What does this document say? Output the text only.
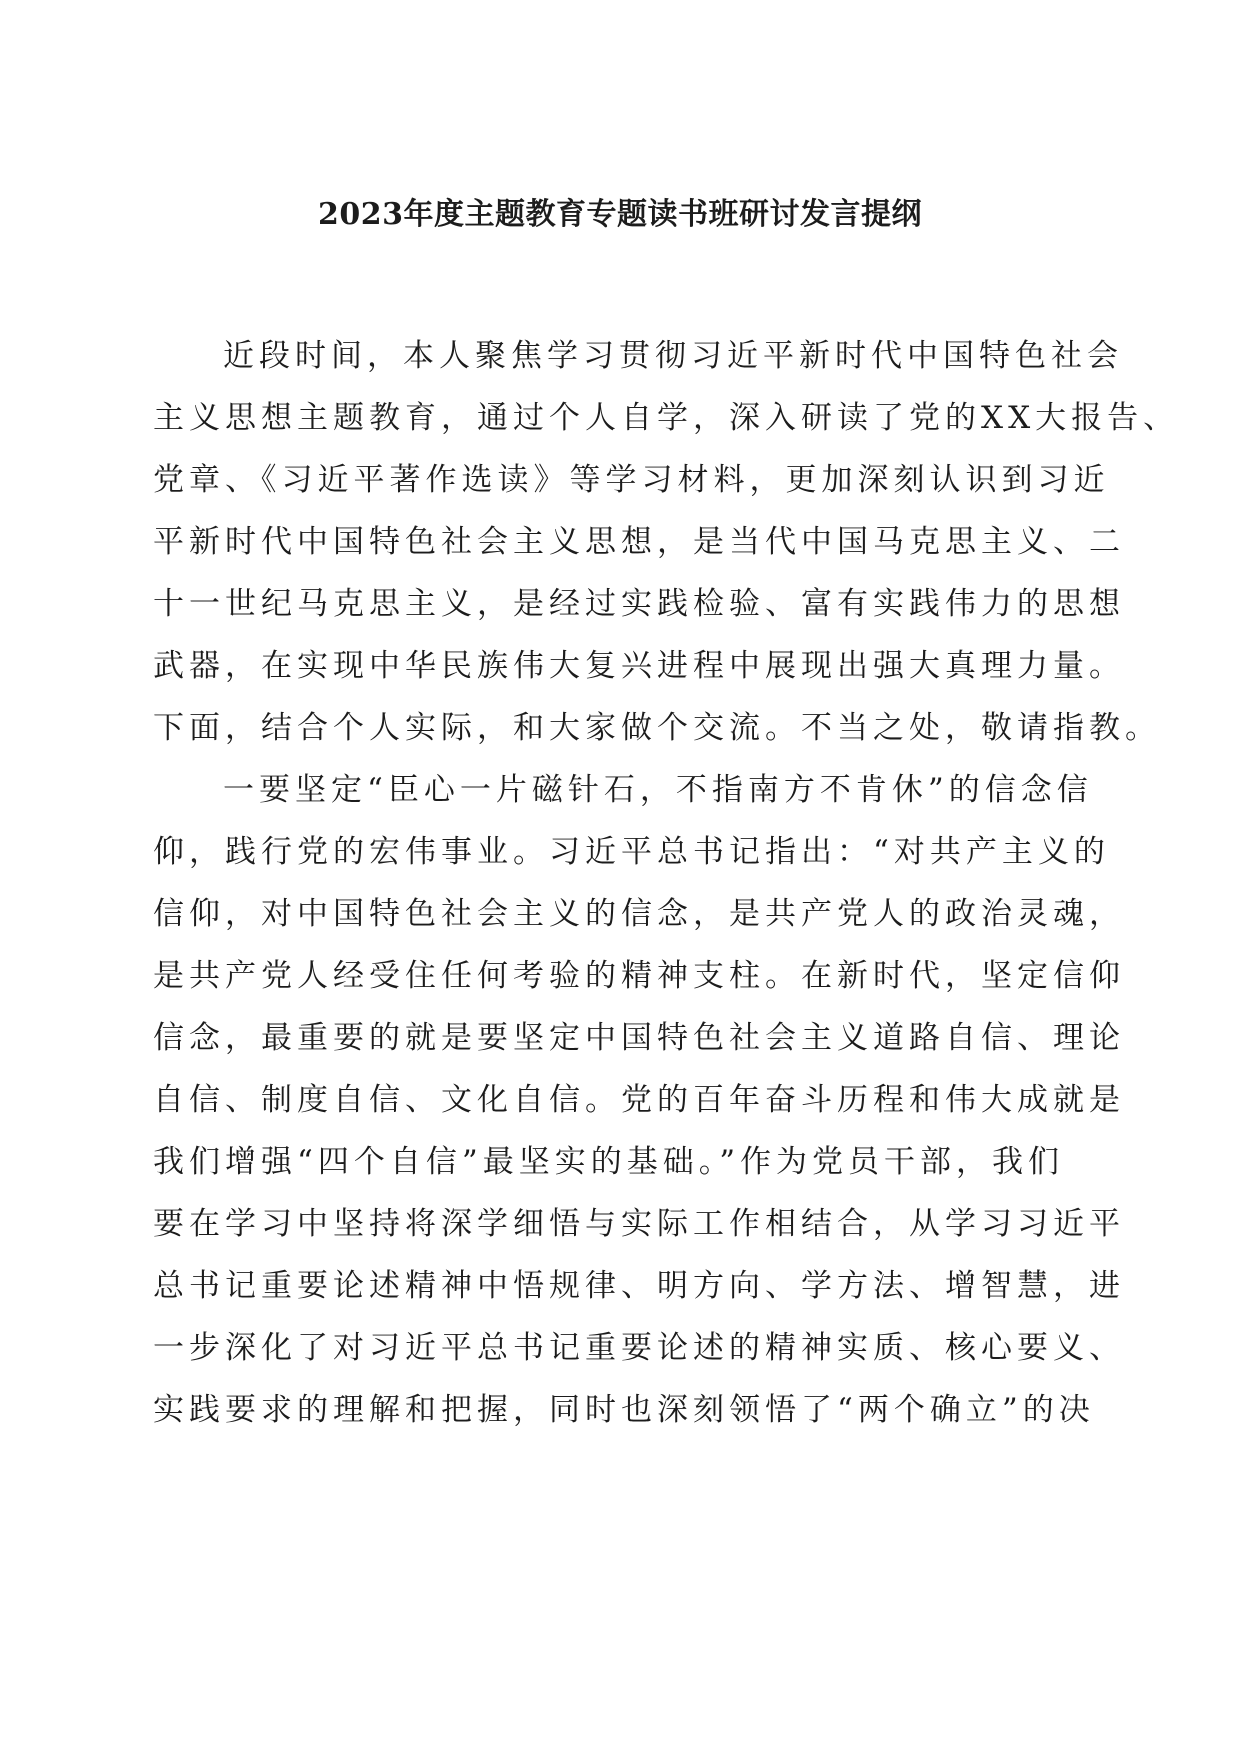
2023年度主题教育专题读书班研讨发言提纲
近段时间，本人聚焦学习贯彻习近平新时代中国特色社会
主义思想主题教育，通过个人自学，深入研读了党的XX大报告、
党章、《习近平著作选读》等学习材料，更加深刻认识到习近
平新时代中国特色社会主义思想，是当代中国马克思主义、二
十一世纪马克思主义，是经过实践检验、富有实践伟力的思想
武器，在实现中华民族伟大复兴进程中展现出强大真理力量。
下面，结合个人实际，和大家做个交流。不当之处，敬请指教。
一要坚定“臣心一片磁针石，不指南方不肯休”的信念信
仰，践行党的宏伟事业。习近平总书记指出：“对共产主义的
信仰，对中国特色社会主义的信念，是共产党人的政治灵魂，
是共产党人经受住任何考验的精神支柱。在新时代，坚定信仰
信念，最重要的就是要坚定中国特色社会主义道路自信、理论
自信、制度自信、文化自信。党的百年奋斗历程和伟大成就是
我们增强“四个自信”最坚实的基础。”作为党员干部，我们
要在学习中坚持将深学细悟与实际工作相结合，从学习习近平
总书记重要论述精神中悟规律、明方向、学方法、增智慧，进
一步深化了对习近平总书记重要论述的精神实质、核心要义、
实践要求的理解和把握，同时也深刻领悟了“两个确立”的决
